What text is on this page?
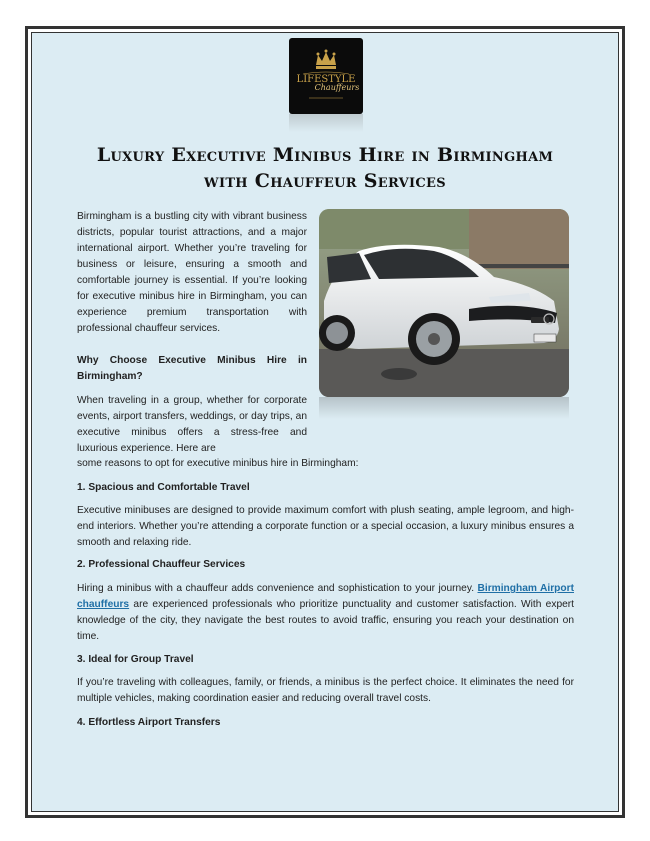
LIFESTYLE
Chauffeurs
Luxury Executive Minibus Hire in Birmingham
with Chauffeur Services

Birmingham is a bustling city with vibrant business districts, popular tourist attractions, and a major international airport. Whether you’re traveling for business or leisure, ensuring a smooth and comfortable journey is essential. If you’re looking for executive minibus hire in Birmingham, you can experience premium transportation with professional chauffeur services.

Why Choose Executive Minibus Hire in Birmingham?

When traveling in a group, whether for corporate events, airport transfers, weddings, or day trips, an executive minibus offers a stress-free and luxurious experience. Here are

some reasons to opt for executive minibus hire in Birmingham:

1. Spacious and Comfortable Travel

Executive minibuses are designed to provide maximum comfort with plush seating, ample legroom, and high-end interiors. Whether you’re attending a corporate function or a special occasion, a luxury minibus ensures a smooth and relaxing ride.

2. Professional Chauffeur Services

Hiring a minibus with a chauffeur adds convenience and sophistication to your journey. Birmingham Airport chauffeurs are experienced professionals who prioritize punctuality and customer satisfaction. With expert knowledge of the city, they navigate the best routes to avoid traffic, ensuring you reach your destination on time.

3. Ideal for Group Travel

If you’re traveling with colleagues, family, or friends, a minibus is the perfect choice. It eliminates the need for multiple vehicles, making coordination easier and reducing overall travel costs.

4. Effortless Airport Transfers
